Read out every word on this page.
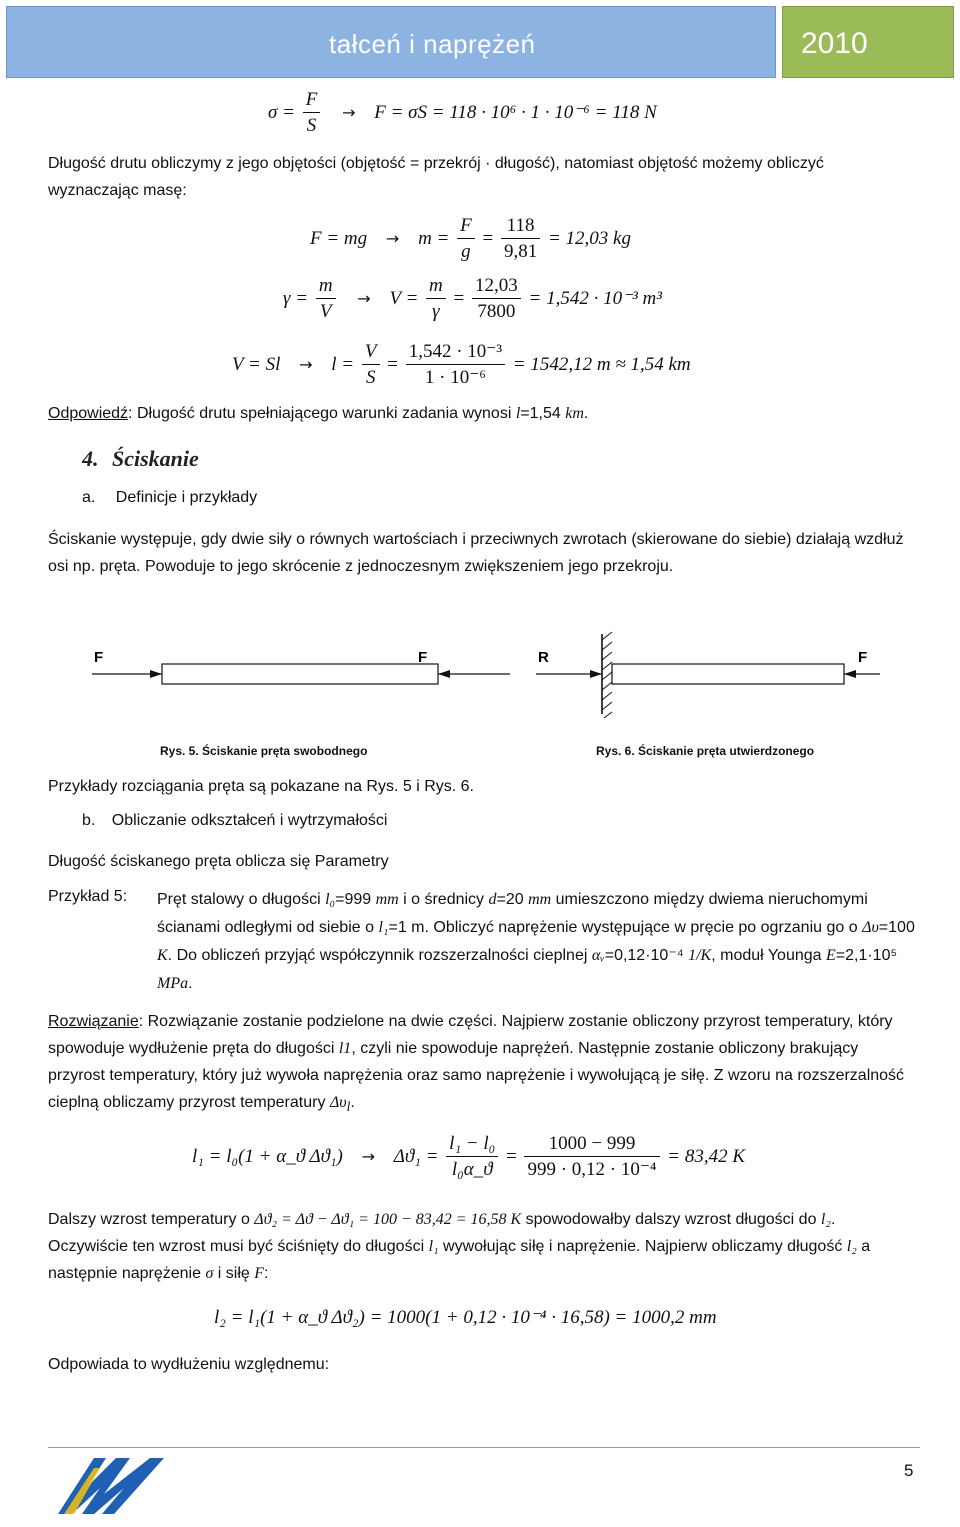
tałceń i naprężeń	2010
$\sigma = \frac{F}{S} \to F = \sigma S = 118 \cdot 10^6 \cdot 1 \cdot 10^{-6} = 118$ N
Długość drutu obliczymy z jego objętości (objętość = przekrój · długość), natomiast objętość możemy obliczyć wyznaczając masę:
F = mg → $m = \frac{F}{g} = \frac{118}{9,81} = 12,03$ kg
$\gamma = \frac{m}{V} \to V = \frac{m}{\gamma} = \frac{12,03}{7800} = 1,542 \cdot 10^{-3}$ m³
$V = Sl \to l = \frac{V}{S} = \frac{\text{1,542 · 10⁻³}}{\text{1 · 10⁻⁶}} = 1542,12$ m ≈ 1,54 km
Odpowiedź: Długość drutu spełniającego warunki zadania wynosi l=1,54 km.
4. Ściskanie
a. Definicje i przykłady
Ściskanie występuje, gdy dwie siły o równych wartościach i przeciwnych zwrotach (skierowane do siebie) działają wzdłuż osi np. pręta. Powoduje to jego skrócenie z jednoczesnym zwiększeniem jego przekroju.
F	F	R	F
Rys. 5. Ściskanie pręta swobodnego	Rys. 6. Ściskanie pręta utwierdzonego
Przykłady rozciągania pręta są pokazane na Rys. 5 i Rys. 6.
b. Obliczanie odkształceń i wytrzymałości
Długość ściskanego pręta oblicza się Parametry
Przykład 5: Pręt stalowy o długości l₀=999 mm i o średnicy d=20 mm umieszczono między dwiema nieruchomymi ścianami odległymi od siebie o l₁=1 m. Obliczyć naprężenie występujące w pręcie po ogrzaniu go o Δυ=100 K. Do obliczeń przyjąć współczynnik rozszerzalności cieplnej αᵥ=0,12·10⁻⁴ 1/K, moduł Younga E=2,1·10⁵ MPa.
Rozwiązanie: Rozwiązanie zostanie podzielone na dwie części. Najpierw zostanie obliczony przyrost temperatury, który spowoduje wydłużenie pręta do długości l1, czyli nie spowoduje naprężeń. Następnie zostanie obliczony brakujący przyrost temperatury, który już wywoła naprężenia oraz samo naprężenie i wywołującą je siłę. Z wzoru na rozszerzalność cieplną obliczamy przyrost temperatury $\Delta\upsilon_l$.
l₁ = l₀(1 + α_ϑ $\Delta ϑ_1) \to \Delta ϑ_1 = \frac{\text{l₁ − l₀}}{\text{l₀α\_ϑ}} = \frac{1000 - 999}{\text{999 · 0,12 · 10⁻⁴}} = 83,42$ K
Dalszy wzrost temperatury o Δϑ₂ = Δϑ − Δϑ₁ = 100 − 83,42 = 16,58 K spowodowałby dalszy wzrost długości do l₂. Oczywiście ten wzrost musi być ściśnięty do długości l₁ wywołując siłę i naprężenie. Najpierw obliczamy długość l₂ a następnie naprężenie σ i siłę F:
l₂ = l₁(1 + α_ϑ Δϑ₂) = 1000(1 + 0,12 · 10⁻⁴ · 16,58) = 1000,2 mm
Odpowiada to wydłużeniu względnemu:
5
